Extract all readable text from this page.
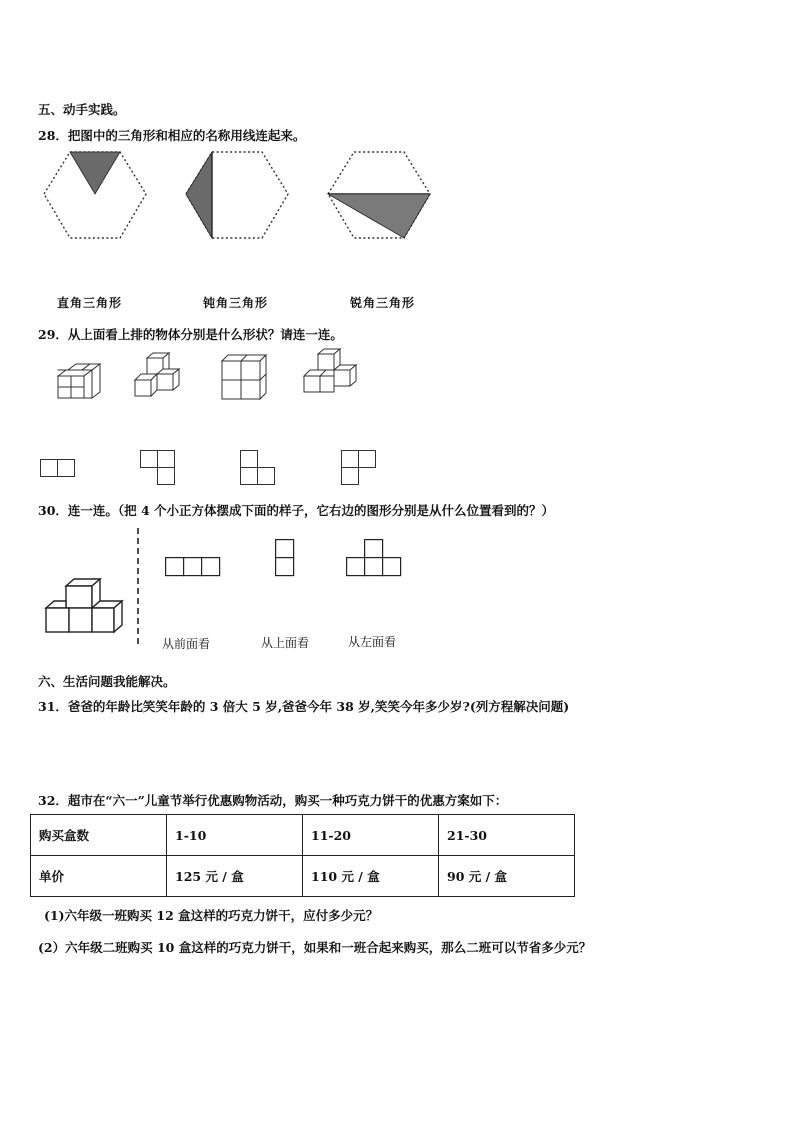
五、动手实践。
28．把图中的三角形和相应的名称用线连起来。
直角三角形	钝角三角形	锐角三角形
29．从上面看上排的物体分别是什么形状？请连一连。
30．连一连。（把 4 个小正方体摆成下面的样子，它右边的图形分别是从什么位置看到的？）
从前面看	从上面看	从左面看
六、生活问题我能解决。
31．爸爸的年龄比笑笑年龄的 3 倍大 5 岁,爸爸今年 38 岁,笑笑今年多少岁?(列方程解决问题)
32．超市在“六一”儿童节举行优惠购物活动，购买一种巧克力饼干的优惠方案如下：
购买盒数	1-10	11-20	21-30
单价	125 元 / 盒	110 元 / 盒	90 元 / 盒
(1)六年级一班购买 12 盒这样的巧克力饼干，应付多少元？
(2）六年级二班购买 10 盒这样的巧克力饼干，如果和一班合起来购买，那么二班可以节省多少元？
